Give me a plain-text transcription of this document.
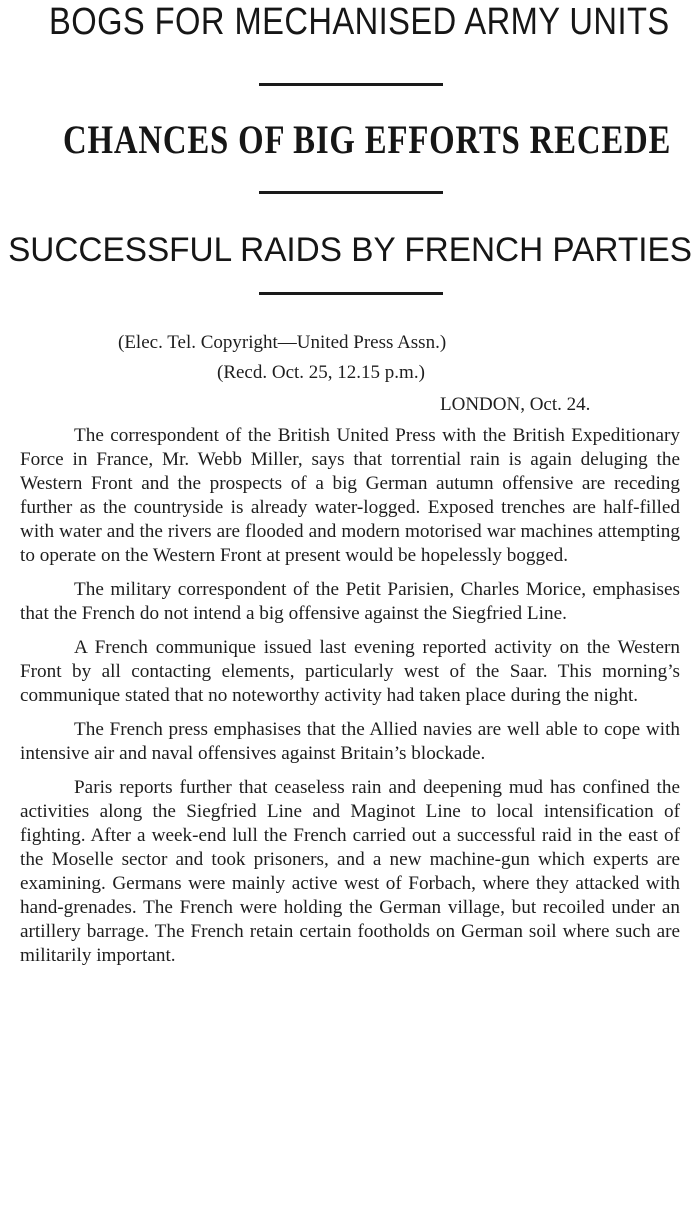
BOGS FOR MECHANISED ARMY UNITS
CHANCES OF BIG EFFORTS RECEDE
SUCCESSFUL RAIDS BY FRENCH PARTIES
(Elec. Tel. Copyright—United Press Assn.)
(Recd. Oct. 25, 12.15 p.m.)
LONDON, Oct. 24.

The correspondent of the British United Press with the British Expeditionary Force in France, Mr. Webb Miller, says that torrential rain is again deluging the Western Front and the prospects of a big German autumn offensive are receding further as the countryside is already water-logged. Exposed trenches are half-filled with water and the rivers are flooded and modern motorised war machines attempting to operate on the Western Front at present would be hopelessly bogged.

The military correspondent of the Petit Parisien, Charles Morice, emphasises that the French do not intend a big offensive against the Siegfried Line.

A French communique issued last evening reported activity on the Western Front by all contacting elements, particularly west of the Saar. This morning’s communique stated that no noteworthy activity had taken place during the night.

The French press emphasises that the Allied navies are well able to cope with intensive air and naval offensives against Britain’s blockade.

Paris reports further that ceaseless rain and deepening mud has confined the activities along the Siegfried Line and Maginot Line to local intensification of fighting. After a week-end lull the French carried out a successful raid in the east of the Moselle sector and took prisoners, and a new machine-gun which experts are examining. Germans were mainly active west of Forbach, where they attacked with hand-grenades. The French were holding the German village, but recoiled under an artillery barrage. The French retain certain footholds on German soil where such are militarily important.
